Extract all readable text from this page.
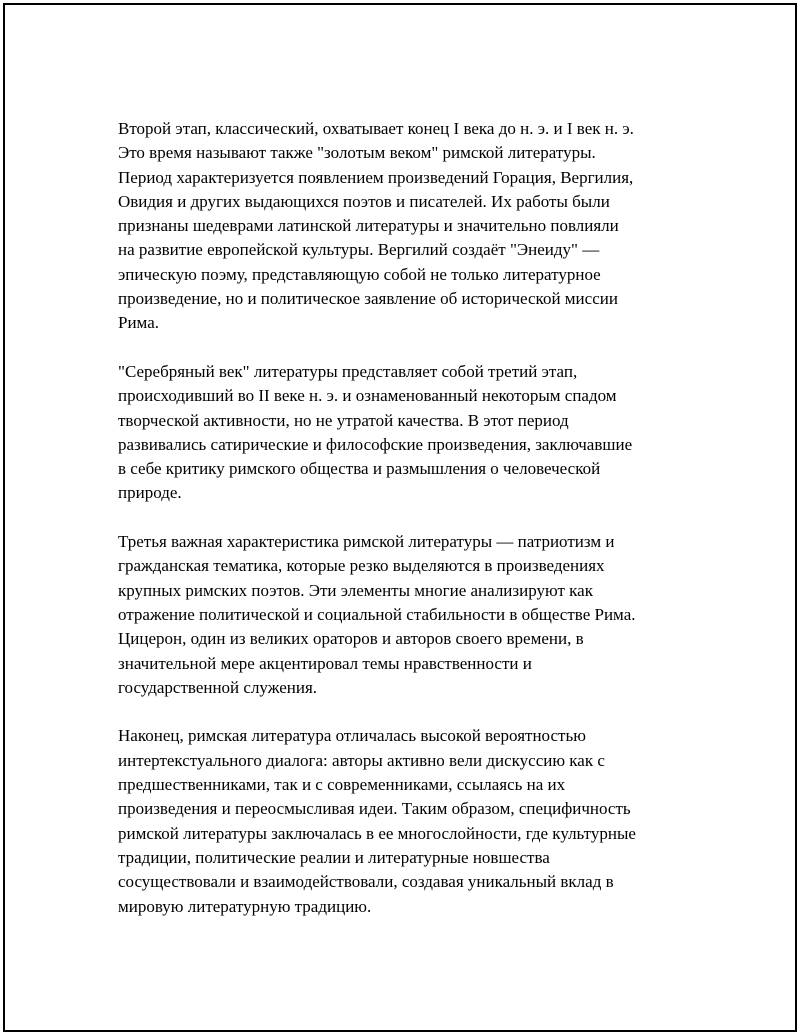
Второй этап, классический, охватывает конец I века до н. э. и I век н. э.
Это время называют также "золотым веком" римской литературы.
Период характеризуется появлением произведений Горация, Вергилия,
Овидия и других выдающихся поэтов и писателей. Их работы были
признаны шедеврами латинской литературы и значительно повлияли
на развитие европейской культуры. Вергилий создаёт "Энеиду" —
эпическую поэму, представляющую собой не только литературное
произведение, но и политическое заявление об исторической миссии
Рима.

"Серебряный век" литературы представляет собой третий этап,
происходивший во II веке н. э. и ознаменованный некоторым спадом
творческой активности, но не утратой качества. В этот период
развивались сатирические и философские произведения, заключавшие
в себе критику римского общества и размышления о человеческой
природе.

Третья важная характеристика римской литературы — патриотизм и
гражданская тематика, которые резко выделяются в произведениях
крупных римских поэтов. Эти элементы многие анализируют как
отражение политической и социальной стабильности в обществе Рима.
Цицерон, один из великих ораторов и авторов своего времени, в
значительной мере акцентировал темы нравственности и
государственной служения.

Наконец, римская литература отличалась высокой вероятностью
интертекстуального диалога: авторы активно вели дискуссию как с
предшественниками, так и с современниками, ссылаясь на их
произведения и переосмысливая идеи. Таким образом, специфичность
римской литературы заключалась в ее многослойности, где культурные
традиции, политические реалии и литературные новшества
сосуществовали и взаимодействовали, создавая уникальный вклад в
мировую литературную традицию.
